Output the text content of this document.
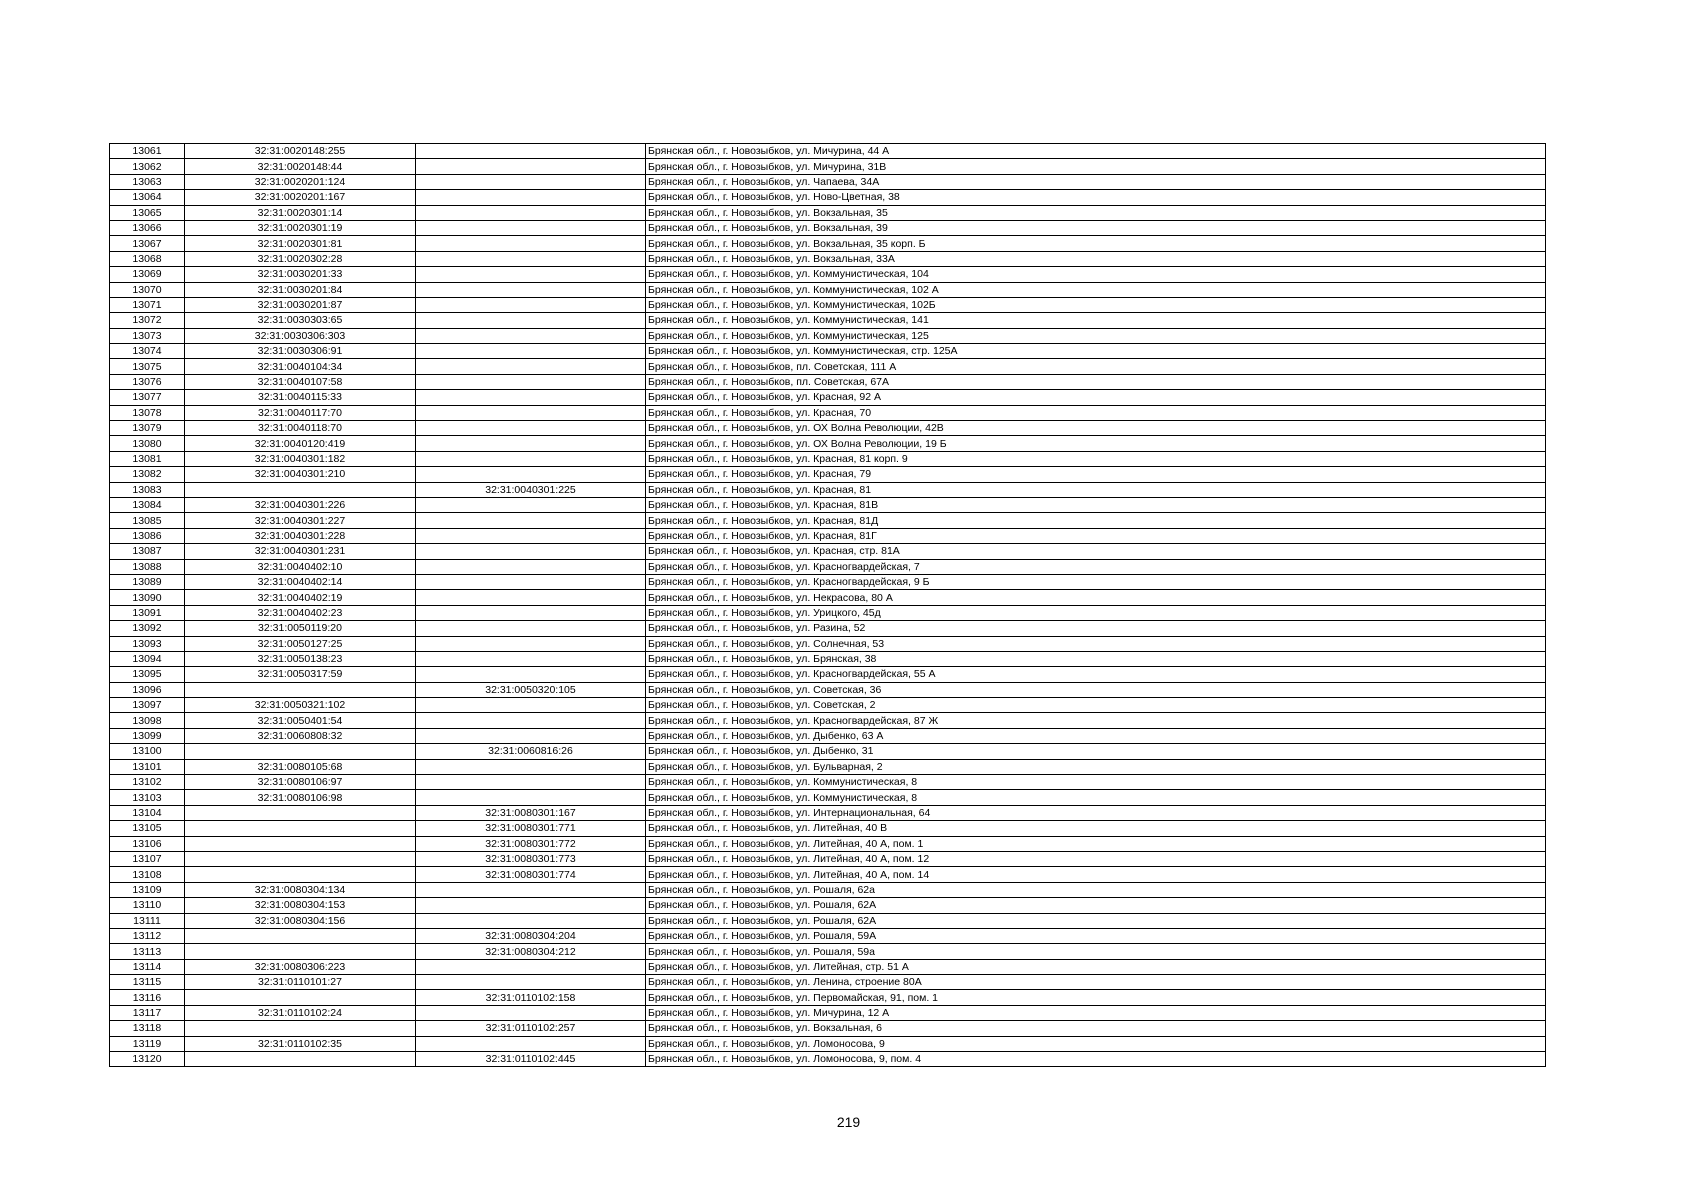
13061	32:31:0020148:255		Брянская обл., г. Новозыбков, ул. Мичурина, 44 А
13062	32:31:0020148:44		Брянская обл., г. Новозыбков, ул. Мичурина, 31В
13063	32:31:0020201:124		Брянская обл., г. Новозыбков, ул. Чапаева, 34А
13064	32:31:0020201:167		Брянская обл., г. Новозыбков, ул. Ново-Цветная, 38
13065	32:31:0020301:14		Брянская обл., г. Новозыбков, ул. Вокзальная, 35
13066	32:31:0020301:19		Брянская обл., г. Новозыбков, ул. Вокзальная, 39
13067	32:31:0020301:81		Брянская обл., г. Новозыбков, ул. Вокзальная, 35 корп. Б
13068	32:31:0020302:28		Брянская обл., г. Новозыбков, ул. Вокзальная, 33А
13069	32:31:0030201:33		Брянская обл., г. Новозыбков, ул. Коммунистическая, 104
13070	32:31:0030201:84		Брянская обл., г. Новозыбков, ул. Коммунистическая, 102 А
13071	32:31:0030201:87		Брянская обл., г. Новозыбков, ул. Коммунистическая, 102Б
13072	32:31:0030303:65		Брянская обл., г. Новозыбков, ул. Коммунистическая, 141
13073	32:31:0030306:303		Брянская обл., г. Новозыбков, ул. Коммунистическая, 125
13074	32:31:0030306:91		Брянская обл., г. Новозыбков, ул. Коммунистическая, стр. 125А
13075	32:31:0040104:34		Брянская обл., г. Новозыбков, пл. Советская, 111 А
13076	32:31:0040107:58		Брянская обл., г. Новозыбков, пл. Советская, 67А
13077	32:31:0040115:33		Брянская обл., г. Новозыбков, ул. Красная, 92 А
13078	32:31:0040117:70		Брянская обл., г. Новозыбков, ул. Красная, 70
13079	32:31:0040118:70		Брянская обл., г. Новозыбков, ул. ОХ Волна Революции, 42В
13080	32:31:0040120:419		Брянская обл., г. Новозыбков, ул. ОХ Волна Революции, 19 Б
13081	32:31:0040301:182		Брянская обл., г. Новозыбков, ул. Красная, 81 корп. 9
13082	32:31:0040301:210		Брянская обл., г. Новозыбков, ул. Красная, 79
13083		32:31:0040301:225	Брянская обл., г. Новозыбков, ул. Красная, 81
13084	32:31:0040301:226		Брянская обл., г. Новозыбков, ул. Красная, 81В
13085	32:31:0040301:227		Брянская обл., г. Новозыбков, ул. Красная, 81Д
13086	32:31:0040301:228		Брянская обл., г. Новозыбков, ул. Красная, 81Г
13087	32:31:0040301:231		Брянская обл., г. Новозыбков, ул. Красная, стр. 81А
13088	32:31:0040402:10		Брянская обл., г. Новозыбков, ул. Красногвардейская, 7
13089	32:31:0040402:14		Брянская обл., г. Новозыбков, ул. Красногвардейская, 9 Б
13090	32:31:0040402:19		Брянская обл., г. Новозыбков, ул. Некрасова, 80 А
13091	32:31:0040402:23		Брянская обл., г. Новозыбков, ул. Урицкого, 45д
13092	32:31:0050119:20		Брянская обл., г. Новозыбков, ул. Разина, 52
13093	32:31:0050127:25		Брянская обл., г. Новозыбков, ул. Солнечная, 53
13094	32:31:0050138:23		Брянская обл., г. Новозыбков, ул. Брянская, 38
13095	32:31:0050317:59		Брянская обл., г. Новозыбков, ул. Красногвардейская, 55 А
13096		32:31:0050320:105	Брянская обл., г. Новозыбков, ул. Советская, 36
13097	32:31:0050321:102		Брянская обл., г. Новозыбков, ул. Советская, 2
13098	32:31:0050401:54		Брянская обл., г. Новозыбков, ул. Красногвардейская, 87 Ж
13099	32:31:0060808:32		Брянская обл., г. Новозыбков, ул. Дыбенко, 63 А
13100		32:31:0060816:26	Брянская обл., г. Новозыбков, ул. Дыбенко, 31
13101	32:31:0080105:68		Брянская обл., г. Новозыбков, ул. Бульварная, 2
13102	32:31:0080106:97		Брянская обл., г. Новозыбков, ул. Коммунистическая, 8
13103	32:31:0080106:98		Брянская обл., г. Новозыбков, ул. Коммунистическая, 8
13104		32:31:0080301:167	Брянская обл., г. Новозыбков, ул. Интернациональная, 64
13105		32:31:0080301:771	Брянская обл., г. Новозыбков, ул. Литейная, 40 В
13106		32:31:0080301:772	Брянская обл., г. Новозыбков, ул. Литейная, 40 А, пом. 1
13107		32:31:0080301:773	Брянская обл., г. Новозыбков, ул. Литейная, 40 А, пом. 12
13108		32:31:0080301:774	Брянская обл., г. Новозыбков, ул. Литейная, 40 А, пом. 14
13109	32:31:0080304:134		Брянская обл., г. Новозыбков, ул. Рошаля, 62а
13110	32:31:0080304:153		Брянская обл., г. Новозыбков, ул. Рошаля, 62А
13111	32:31:0080304:156		Брянская обл., г. Новозыбков, ул. Рошаля, 62А
13112		32:31:0080304:204	Брянская обл., г. Новозыбков, ул. Рошаля, 59А
13113		32:31:0080304:212	Брянская обл., г. Новозыбков, ул. Рошаля, 59а
13114	32:31:0080306:223		Брянская обл., г. Новозыбков, ул. Литейная, стр. 51 А
13115	32:31:0110101:27		Брянская обл., г. Новозыбков, ул. Ленина, строение 80А
13116		32:31:0110102:158	Брянская обл., г. Новозыбков, ул. Первомайская, 91, пом. 1
13117	32:31:0110102:24		Брянская обл., г. Новозыбков, ул. Мичурина, 12 А
13118		32:31:0110102:257	Брянская обл., г. Новозыбков, ул. Вокзальная, 6
13119	32:31:0110102:35		Брянская обл., г. Новозыбков, ул. Ломоносова, 9
13120		32:31:0110102:445	Брянская обл., г. Новозыбков, ул. Ломоносова, 9, пом. 4
219
